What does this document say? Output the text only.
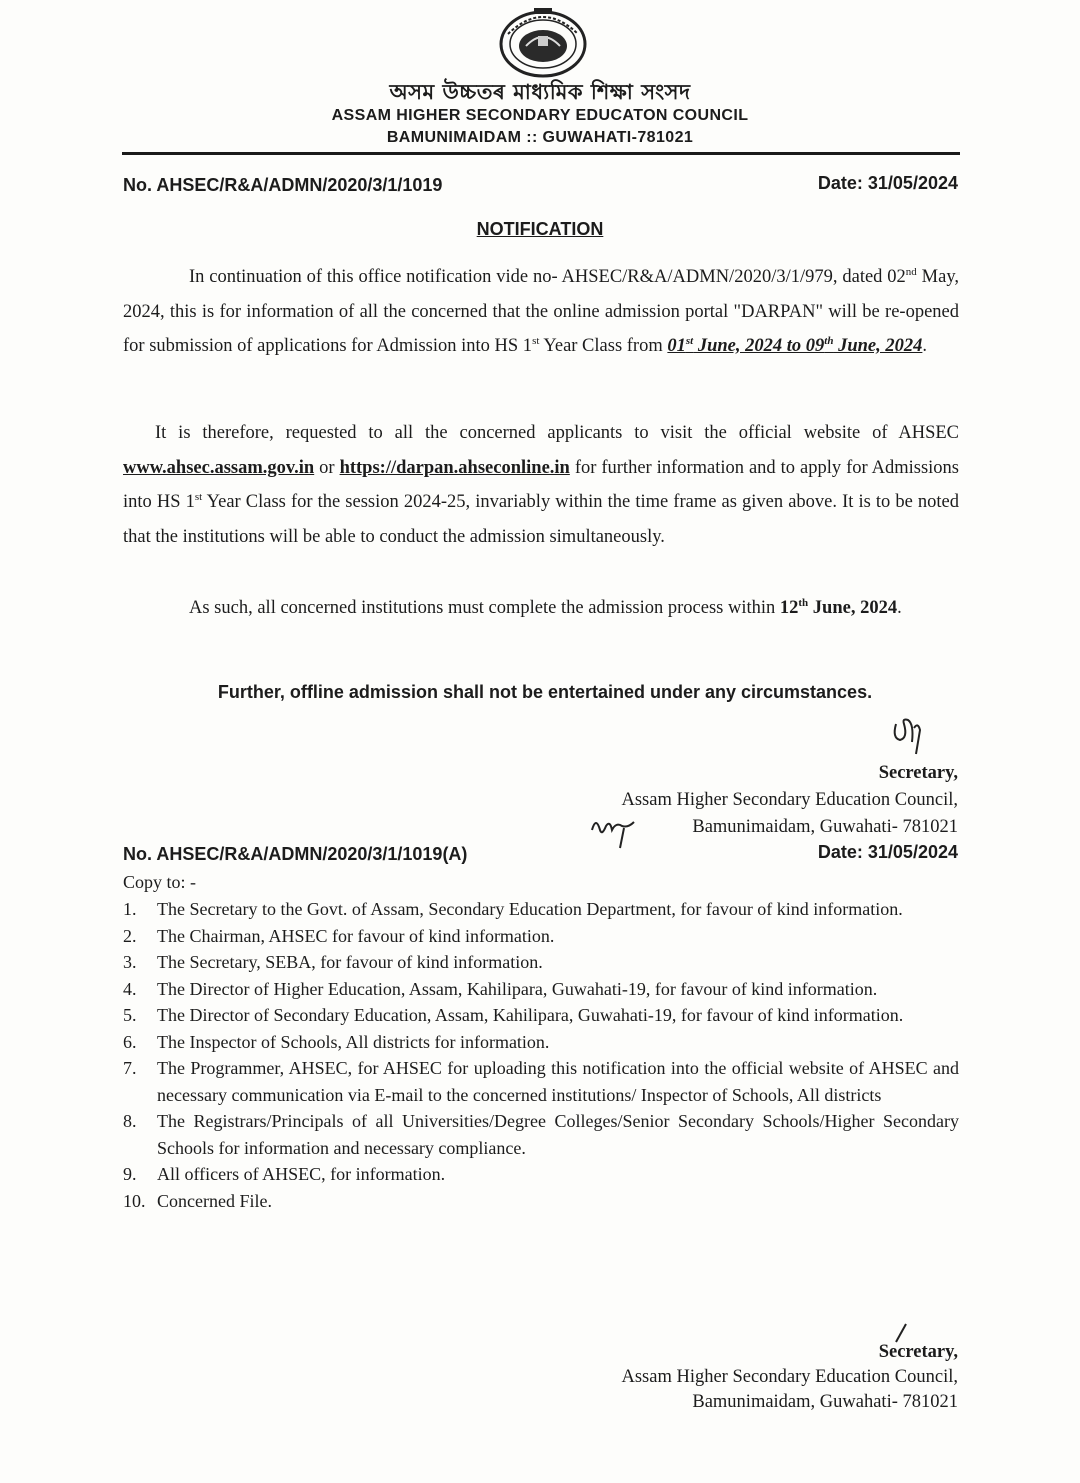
অসম উচ্চতৰ মাধ্যমিক শিক্ষা সংসদ
ASSAM HIGHER SECONDARY EDUCATON COUNCIL
BAMUNIMAIDAM :: GUWAHATI-781021
No. AHSEC/R&A/ADMN/2020/3/1/1019	Date: 31/05/2024
NOTIFICATION

In continuation of this office notification vide no- AHSEC/R&A/ADMN/2020/3/1/979, dated 02nd May, 2024, this is for information of all the concerned that the online admission portal "DARPAN" will be re-opened for submission of applications for Admission into HS 1st Year Class from 01st June, 2024 to 09th June, 2024.

It is therefore, requested to all the concerned applicants to visit the official website of AHSEC www.ahsec.assam.gov.in or https://darpan.ahseconline.in for further information and to apply for Admissions into HS 1st Year Class for the session 2024-25, invariably within the time frame as given above. It is to be noted that the institutions will be able to conduct the admission simultaneously.

As such, all concerned institutions must complete the admission process within 12th June, 2024.

Further, offline admission shall not be entertained under any circumstances.
Secretary,
Assam Higher Secondary Education Council,
Bamunimaidam, Guwahati- 781021
No. AHSEC/R&A/ADMN/2020/3/1/1019(A)	Date: 31/05/2024
Copy to: -
1. The Secretary to the Govt. of Assam, Secondary Education Department, for favour of kind information.
2. The Chairman, AHSEC for favour of kind information.
3. The Secretary, SEBA, for favour of kind information.
4. The Director of Higher Education, Assam, Kahilipara, Guwahati-19, for favour of kind information.
5. The Director of Secondary Education, Assam, Kahilipara, Guwahati-19, for favour of kind information.
6. The Inspector of Schools, All districts for information.
7. The Programmer, AHSEC, for AHSEC for uploading this notification into the official website of AHSEC and necessary communication via E-mail to the concerned institutions/ Inspector of Schools, All districts
8. The Registrars/Principals of all Universities/Degree Colleges/Senior Secondary Schools/Higher Secondary Schools for information and necessary compliance.
9. All officers of AHSEC, for information.
10. Concerned File.
Secretary,
Assam Higher Secondary Education Council,
Bamunimaidam, Guwahati- 781021
